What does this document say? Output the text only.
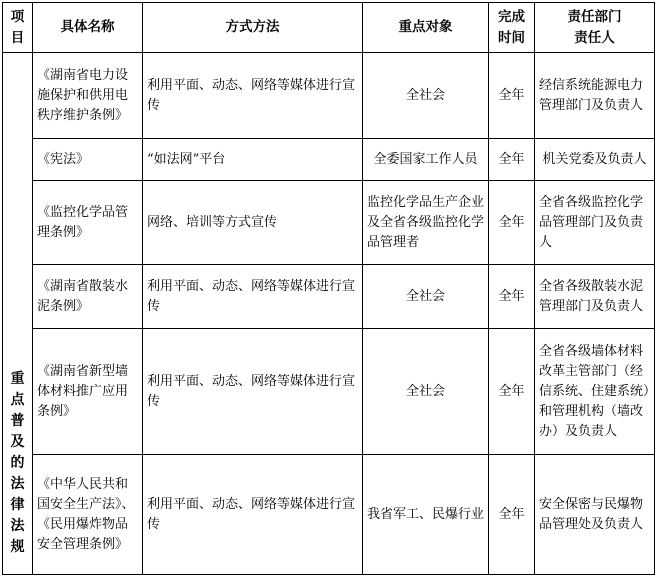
项目	具体名称	方式方法	重点对象	完成时间	责任部门责任人

重点普及的法律法规	《湖南省电力设施保护和供用电秩序维护条例》	利用平面、动态、网络等媒体进行宣传	全社会	全年	经信系统能源电力管理部门及负责人
	《宪法》	“如法网”平台	全委国家工作人员	全年	机关党委及负责人
	《监控化学品管理条例》	网络、培训等方式宣传	监控化学品生产企业及全省各级监控化学品管理者	全年	全省各级监控化学品管理部门及负责人
	《湖南省散装水泥条例》	利用平面、动态、网络等媒体进行宣传	全社会	全年	全省各级散装水泥管理部门及负责人
	《湖南省新型墙体材料推广应用条例》	利用平面、动态、网络等媒体进行宣传	全社会	全年	全省各级墙体材料改革主管部门（经信系统、住建系统）和管理机构（墙改办）及负责人
	《中华人民共和国安全生产法》、《民用爆炸物品安全管理条例》	利用平面、动态、网络等媒体进行宣传	我省军工、民爆行业	全年	安全保密与民爆物品管理处及负责人
